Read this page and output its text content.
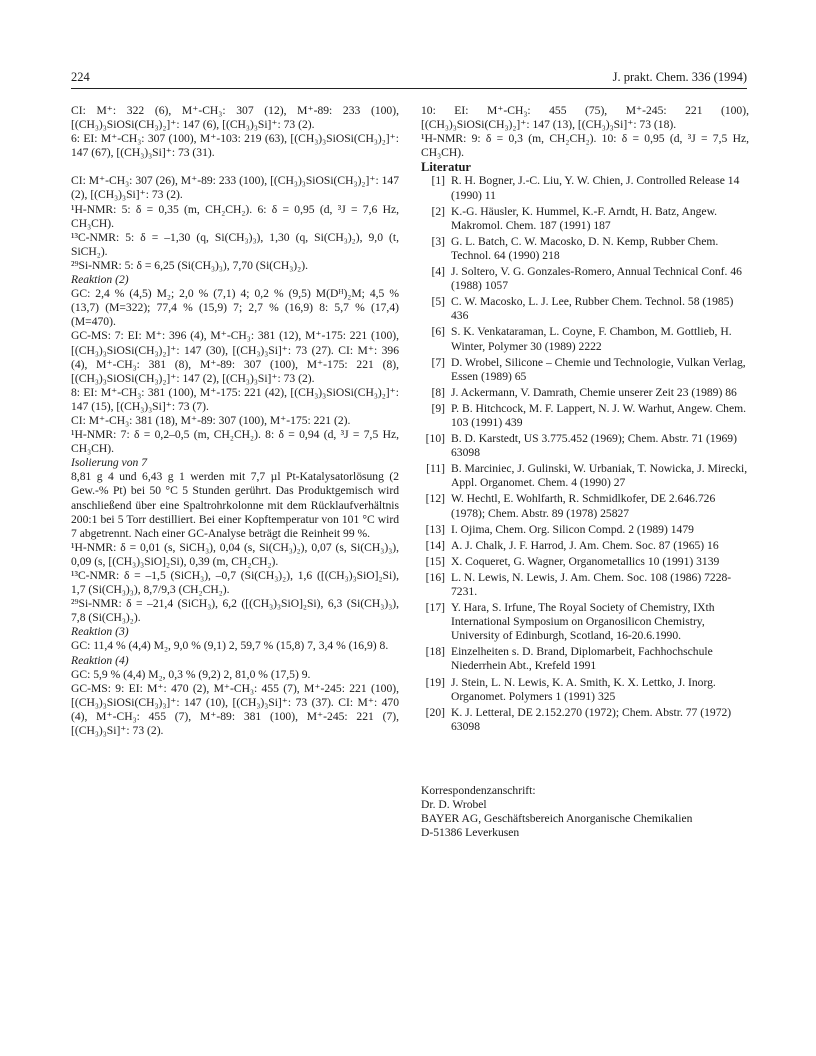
224	J. prakt. Chem. 336 (1994)

CI: M⁺: 322 (6), M⁺-CH₃: 307 (12), M⁺-89: 233 (100), [(CH₃)₃SiOSi(CH₃)₂]⁺: 147 (6), [(CH₃)₃Si]⁺: 73 (2).

6: EI: M⁺-CH₃: 307 (100), M⁺-103: 219 (63), [(CH₃)₃SiOSi(CH₃)₂]⁺: 147 (67), [(CH₃)₃Si]⁺: 73 (31).

CI: M⁺-CH₃: 307 (26), M⁺-89: 233 (100), [(CH₃)₃SiOSi(CH₃)₂]⁺: 147 (2), [(CH₃)₃Si]⁺: 73 (2).

¹H-NMR: 5: δ = 0,35 (m, CH₂CH₂). 6: δ = 0,95 (d, ³J = 7,6 Hz, CH₃CH).

¹³C-NMR: 5: δ = –1,30 (q, Si(CH₃)₃), 1,30 (q, Si(CH₃)₂), 9,0 (t, SiCH₂).

²⁹Si-NMR: 5: δ = 6,25 (Si(CH₃)₃), 7,70 (Si(CH₃)₂).

Reaktion (2)

GC: 2,4 % (4,5) M₂; 2,0 % (7,1) 4; 0,2 % (9,5) M(Dᴴ)₂M; 4,5 % (13,7) (M=322); 77,4 % (15,9) 7; 2,7 % (16,9) 8: 5,7 % (17,4) (M=470).

GC-MS: 7: EI: M⁺: 396 (4), M⁺-CH₃: 381 (12), M⁺-175: 221 (100), [(CH₃)₃SiOSi(CH₃)₂]⁺: 147 (30), [(CH₃)₃Si]⁺: 73 (27). CI: M⁺: 396 (4), M⁺-CH₃: 381 (8), M⁺-89: 307 (100), M⁺-175: 221 (8), [(CH₃)₃SiOSi(CH₃)₂]⁺: 147 (2), [(CH₃)₃Si]⁺: 73 (2).

8: EI: M⁺-CH₃: 381 (100), M⁺-175: 221 (42), [(CH₃)₃SiOSi(CH₃)₂]⁺: 147 (15), [(CH₃)₃Si]⁺: 73 (7).

CI: M⁺-CH₃: 381 (18), M⁺-89: 307 (100), M⁺-175: 221 (2).

¹H-NMR: 7: δ = 0,2–0,5 (m, CH₂CH₂). 8: δ = 0,94 (d, ³J = 7,5 Hz, CH₃CH).

Isolierung von 7

8,81 g 4 und 6,43 g 1 werden mit 7,7 µl Pt-Katalysatorlösung (2 Gew.-% Pt) bei 50 °C 5 Stunden gerührt. Das Produktgemisch wird anschließend über eine Spaltrohrkolonne mit dem Rücklaufverhältnis 200:1 bei 5 Torr destilliert. Bei einer Kopftemperatur von 101 °C wird 7 abgetrennt. Nach einer GC-Analyse beträgt die Reinheit 99 %.

¹H-NMR: δ = 0,01 (s, SiCH₃), 0,04 (s, Si(CH₃)₂), 0,07 (s, Si(CH₃)₃), 0,09 (s, [(CH₃)₃SiO]₂Si), 0,39 (m, CH₂CH₂).

¹³C-NMR: δ = –1,5 (SiCH₃), –0,7 (Si(CH₃)₂), 1,6 ([(CH₃)₃SiO]₂Si), 1,7 (Si(CH₃)₃), 8,7/9,3 (CH₂CH₂).

²⁹Si-NMR: δ = –21,4 (SiCH₃), 6,2 ([(CH₃)₃SiO]₂Si), 6,3 (Si(CH₃)₃), 7,8 (Si(CH₃)₂).

Reaktion (3)

GC: 11,4 % (4,4) M₂, 9,0 % (9,1) 2, 59,7 % (15,8) 7, 3,4 % (16,9) 8.

Reaktion (4)

GC: 5,9 % (4,4) M₂, 0,3 % (9,2) 2, 81,0 % (17,5) 9.

GC-MS: 9: EI: M⁺: 470 (2), M⁺-CH₃: 455 (7), M⁺-245: 221 (100), [(CH₃)₃SiOSi(CH₃)₃]⁺: 147 (10), [(CH₃)₃Si]⁺: 73 (37). CI: M⁺: 470 (4), M⁺-CH₃: 455 (7), M⁺-89: 381 (100), M⁺-245: 221 (7), [(CH₃)₃Si]⁺: 73 (2).

10: EI: M⁺-CH₃: 455 (75), M⁺-245: 221 (100), [(CH₃)₃SiOSi(CH₃)₂]⁺: 147 (13), [(CH₃)₃Si]⁺: 73 (18).

¹H-NMR: 9: δ = 0,3 (m, CH₂CH₂). 10: δ = 0,95 (d, ³J = 7,5 Hz, CH₃CH).

Literatur

[1] R. H. Bogner, J.-C. Liu, Y. W. Chien, J. Controlled Release 14 (1990) 11
[2] K.-G. Häusler, K. Hummel, K.-F. Arndt, H. Batz, Angew. Makromol. Chem. 187 (1991) 187
[3] G. L. Batch, C. W. Macosko, D. N. Kemp, Rubber Chem. Technol. 64 (1990) 218
[4] J. Soltero, V. G. Gonzales-Romero, Annual Technical Conf. 46 (1988) 1057
[5] C. W. Macosko, L. J. Lee, Rubber Chem. Technol. 58 (1985) 436
[6] S. K. Venkataraman, L. Coyne, F. Chambon, M. Gottlieb, H. Winter, Polymer 30 (1989) 2222
[7] D. Wrobel, Silicone – Chemie und Technologie, Vulkan Verlag, Essen (1989) 65
[8] J. Ackermann, V. Damrath, Chemie unserer Zeit 23 (1989) 86
[9] P. B. Hitchcock, M. F. Lappert, N. J. W. Warhut, Angew. Chem. 103 (1991) 439
[10] B. D. Karstedt, US 3.775.452 (1969); Chem. Abstr. 71 (1969) 63098
[11] B. Marciniec, J. Gulinski, W. Urbaniak, T. Nowicka, J. Mirecki, Appl. Organomet. Chem. 4 (1990) 27
[12] W. Hechtl, E. Wohlfarth, R. Schmidlkofer, DE 2.646.726 (1978); Chem. Abstr. 89 (1978) 25827
[13] I. Ojima, Chem. Org. Silicon Compd. 2 (1989) 1479
[14] A. J. Chalk, J. F. Harrod, J. Am. Chem. Soc. 87 (1965) 16
[15] X. Coqueret, G. Wagner, Organometallics 10 (1991) 3139
[16] L. N. Lewis, N. Lewis, J. Am. Chem. Soc. 108 (1986) 7228-7231.
[17] Y. Hara, S. Irfune, The Royal Society of Chemistry, IXth International Symposium on Organosilicon Chemistry, University of Edinburgh, Scotland, 16-20.6.1990.
[18] Einzelheiten s. D. Brand, Diplomarbeit, Fachhochschule Niederrhein Abt., Krefeld 1991
[19] J. Stein, L. N. Lewis, K. A. Smith, K. X. Lettko, J. Inorg. Organomet. Polymers 1 (1991) 325
[20] K. J. Letteral, DE 2.152.270 (1972); Chem. Abstr. 77 (1972) 63098
Korrespondenzanschrift:
Dr. D. Wrobel
BAYER AG, Geschäftsbereich Anorganische Chemikalien
D-51386 Leverkusen
